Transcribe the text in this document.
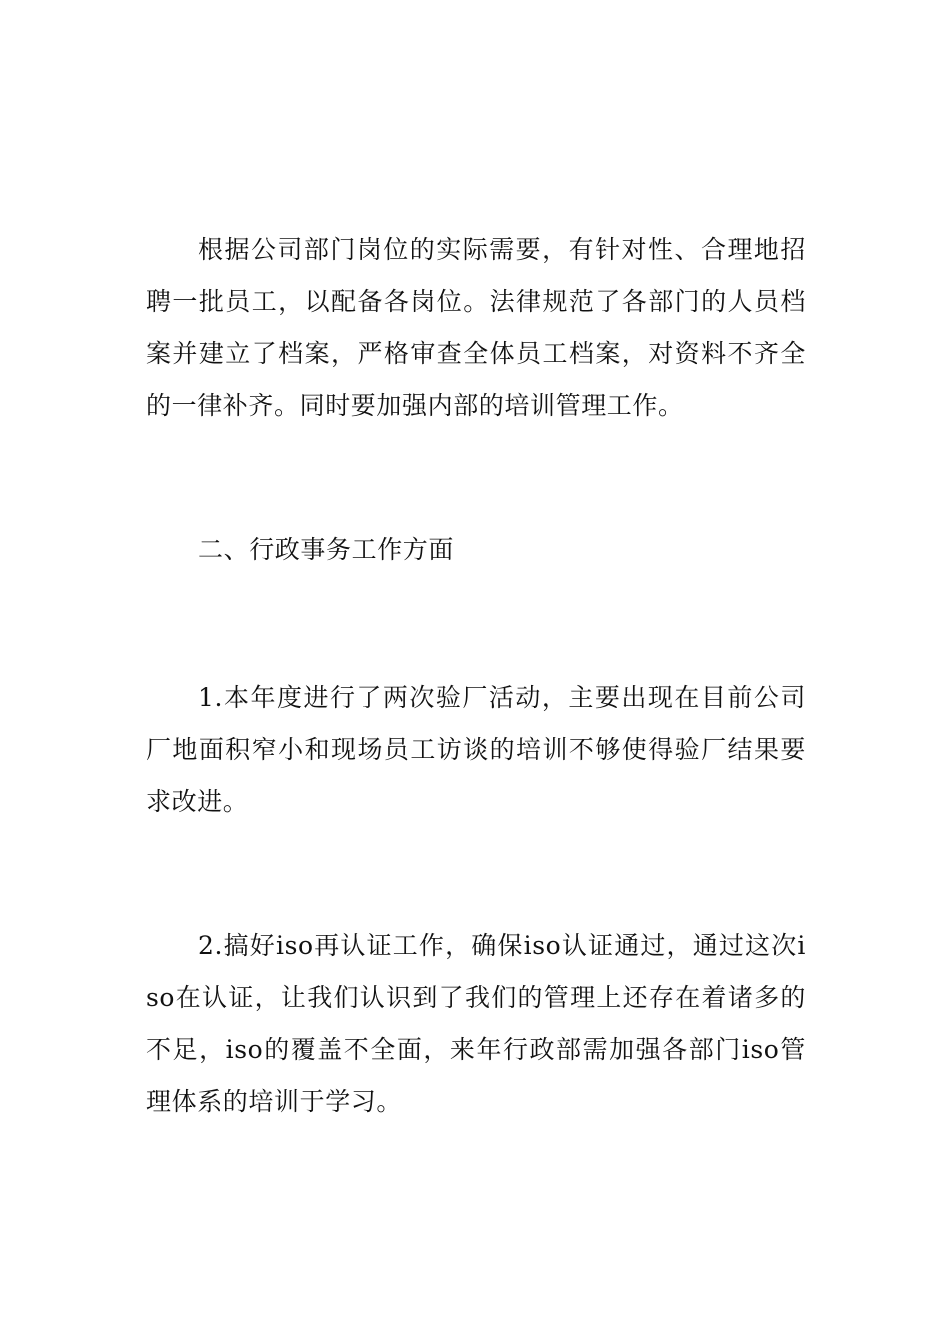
根据公司部门岗位的实际需要，有针对性、合理地招聘一批员工，以配备各岗位。法律规范了各部门的人员档案并建立了档案，严格审查全体员工档案，对资料不齐全的一律补齐。同时要加强内部的培训管理工作。

二、行政事务工作方面

1.本年度进行了两次验厂活动，主要出现在目前公司厂地面积窄小和现场员工访谈的培训不够使得验厂结果要求改进。

2.搞好iso再认证工作，确保iso认证通过，通过这次iso在认证，让我们认识到了我们的管理上还存在着诸多的不足，iso的覆盖不全面，来年行政部需加强各部门iso管理体系的培训于学习。
